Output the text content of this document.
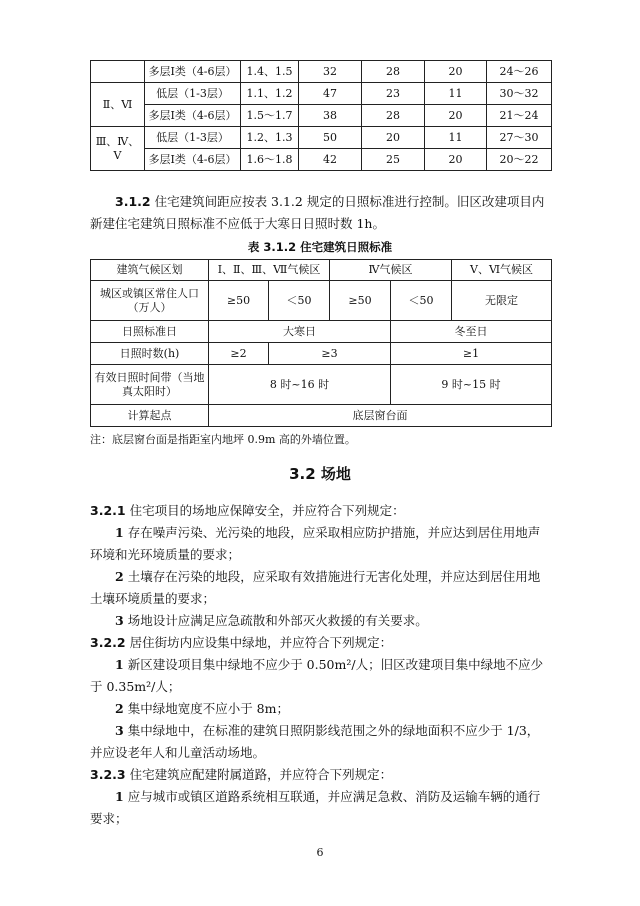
	多层Ⅰ类（4-6层）	1.4、1.5	32	28	20	24～26
Ⅱ、Ⅵ	低层（1-3层）	1.1、1.2	47	23	11	30～32
	多层Ⅰ类（4-6层）	1.5～1.7	38	28	20	21～24
Ⅲ、Ⅳ、Ⅴ	低层（1-3层）	1.2、1.3	50	20	11	27～30
	多层Ⅰ类（4-6层）	1.6～1.8	42	25	20	20～22

3.1.2 住宅建筑间距应按表 3.1.2 规定的日照标准进行控制。旧区改建项目内新建住宅建筑日照标准不应低于大寒日日照时数 1h。

表 3.1.2 住宅建筑日照标准
建筑气候区划	Ⅰ、Ⅱ、Ⅲ、Ⅶ气候区		Ⅳ气候区		Ⅴ、Ⅵ气候区
城区或镇区常住人口（万人）	≥50	＜50	≥50	＜50	无限定
日照标准日	大寒日			冬至日	
日照时数(h)	≥2	≥3		≥1	
有效日照时间带（当地真太阳时）	8 时~16 时			9 时~15 时	
计算起点	底层窗台面				
注：底层窗台面是指距室内地坪 0.9m 高的外墙位置。
3.2 场地

3.2.1 住宅项目的场地应保障安全，并应符合下列规定：

1 存在噪声污染、光污染的地段，应采取相应防护措施，并应达到居住用地声环境和光环境质量的要求；

2 土壤存在污染的地段，应采取有效措施进行无害化处理，并应达到居住用地土壤环境质量的要求；

3 场地设计应满足应急疏散和外部灭火救援的有关要求。

3.2.2 居住街坊内应设集中绿地，并应符合下列规定：

1 新区建设项目集中绿地不应少于 0.50m²/人；旧区改建项目集中绿地不应少于 0.35m²/人；

2 集中绿地宽度不应小于 8m；

3 集中绿地中，在标准的建筑日照阴影线范围之外的绿地面积不应少于 1/3，并应设老年人和儿童活动场地。

3.2.3 住宅建筑应配建附属道路，并应符合下列规定：

1 应与城市或镇区道路系统相互联通，并应满足急救、消防及运输车辆的通行要求；

6
